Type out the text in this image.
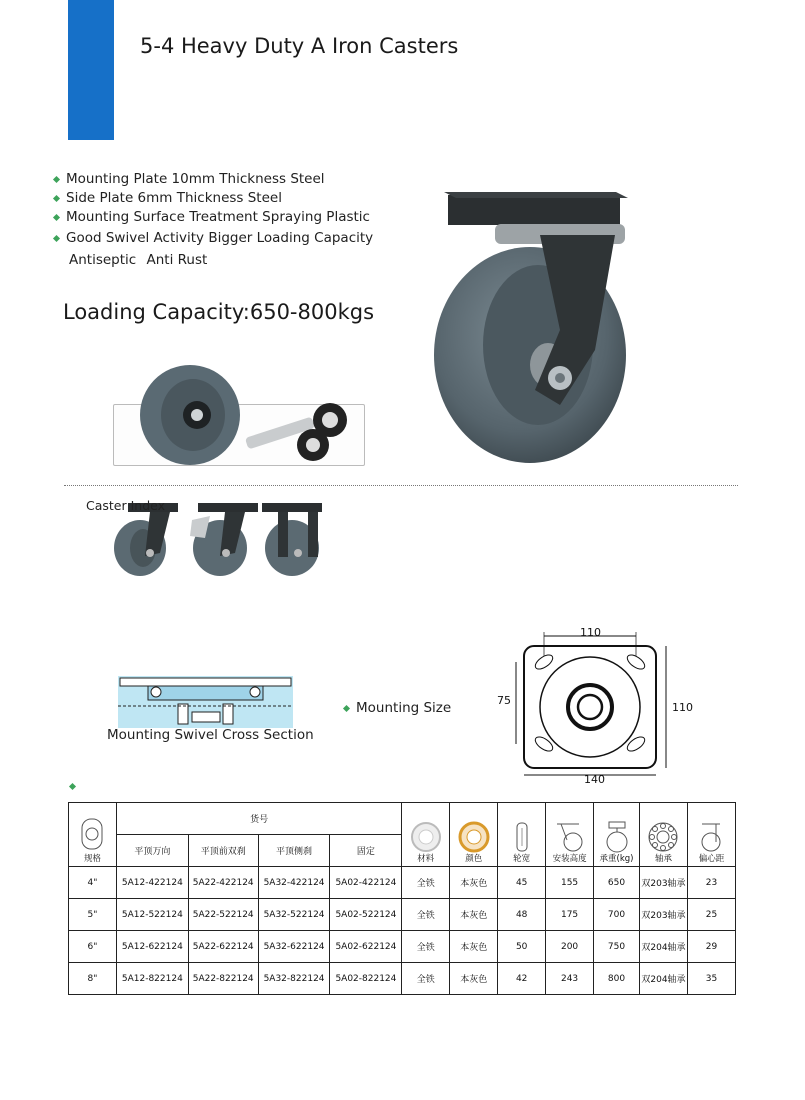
5-4 Heavy Duty A Iron Casters
Mounting Plate 10mm Thickness Steel
Side Plate 6mm Thickness Steel
Mounting Surface Treatment Spraying Plastic
Good Swivel Activity Bigger Loading Capacity
Antiseptic Anti Rust
Loading Capacity:650-800kgs
Caster Index
Mounting Swivel Cross Section
Mounting Size
110
75
110
140
规格	货号				材料	颜色	轮宽	安装高度	承重(kg)	轴承	偏心距

	平顶万向	平顶前双刹	平顶侧刹	固定							
4"	5A12-422124	5A22-422124	5A32-422124	5A02-422124	全铁	本灰色	45	155	650	双203轴承	23
5"	5A12-522124	5A22-522124	5A32-522124	5A02-522124	全铁	本灰色	48	175	700	双203轴承	25
6"	5A12-622124	5A22-622124	5A32-622124	5A02-622124	全铁	本灰色	50	200	750	双204轴承	29
8"	5A12-822124	5A22-822124	5A32-822124	5A02-822124	全铁	本灰色	42	243	800	双204轴承	35
